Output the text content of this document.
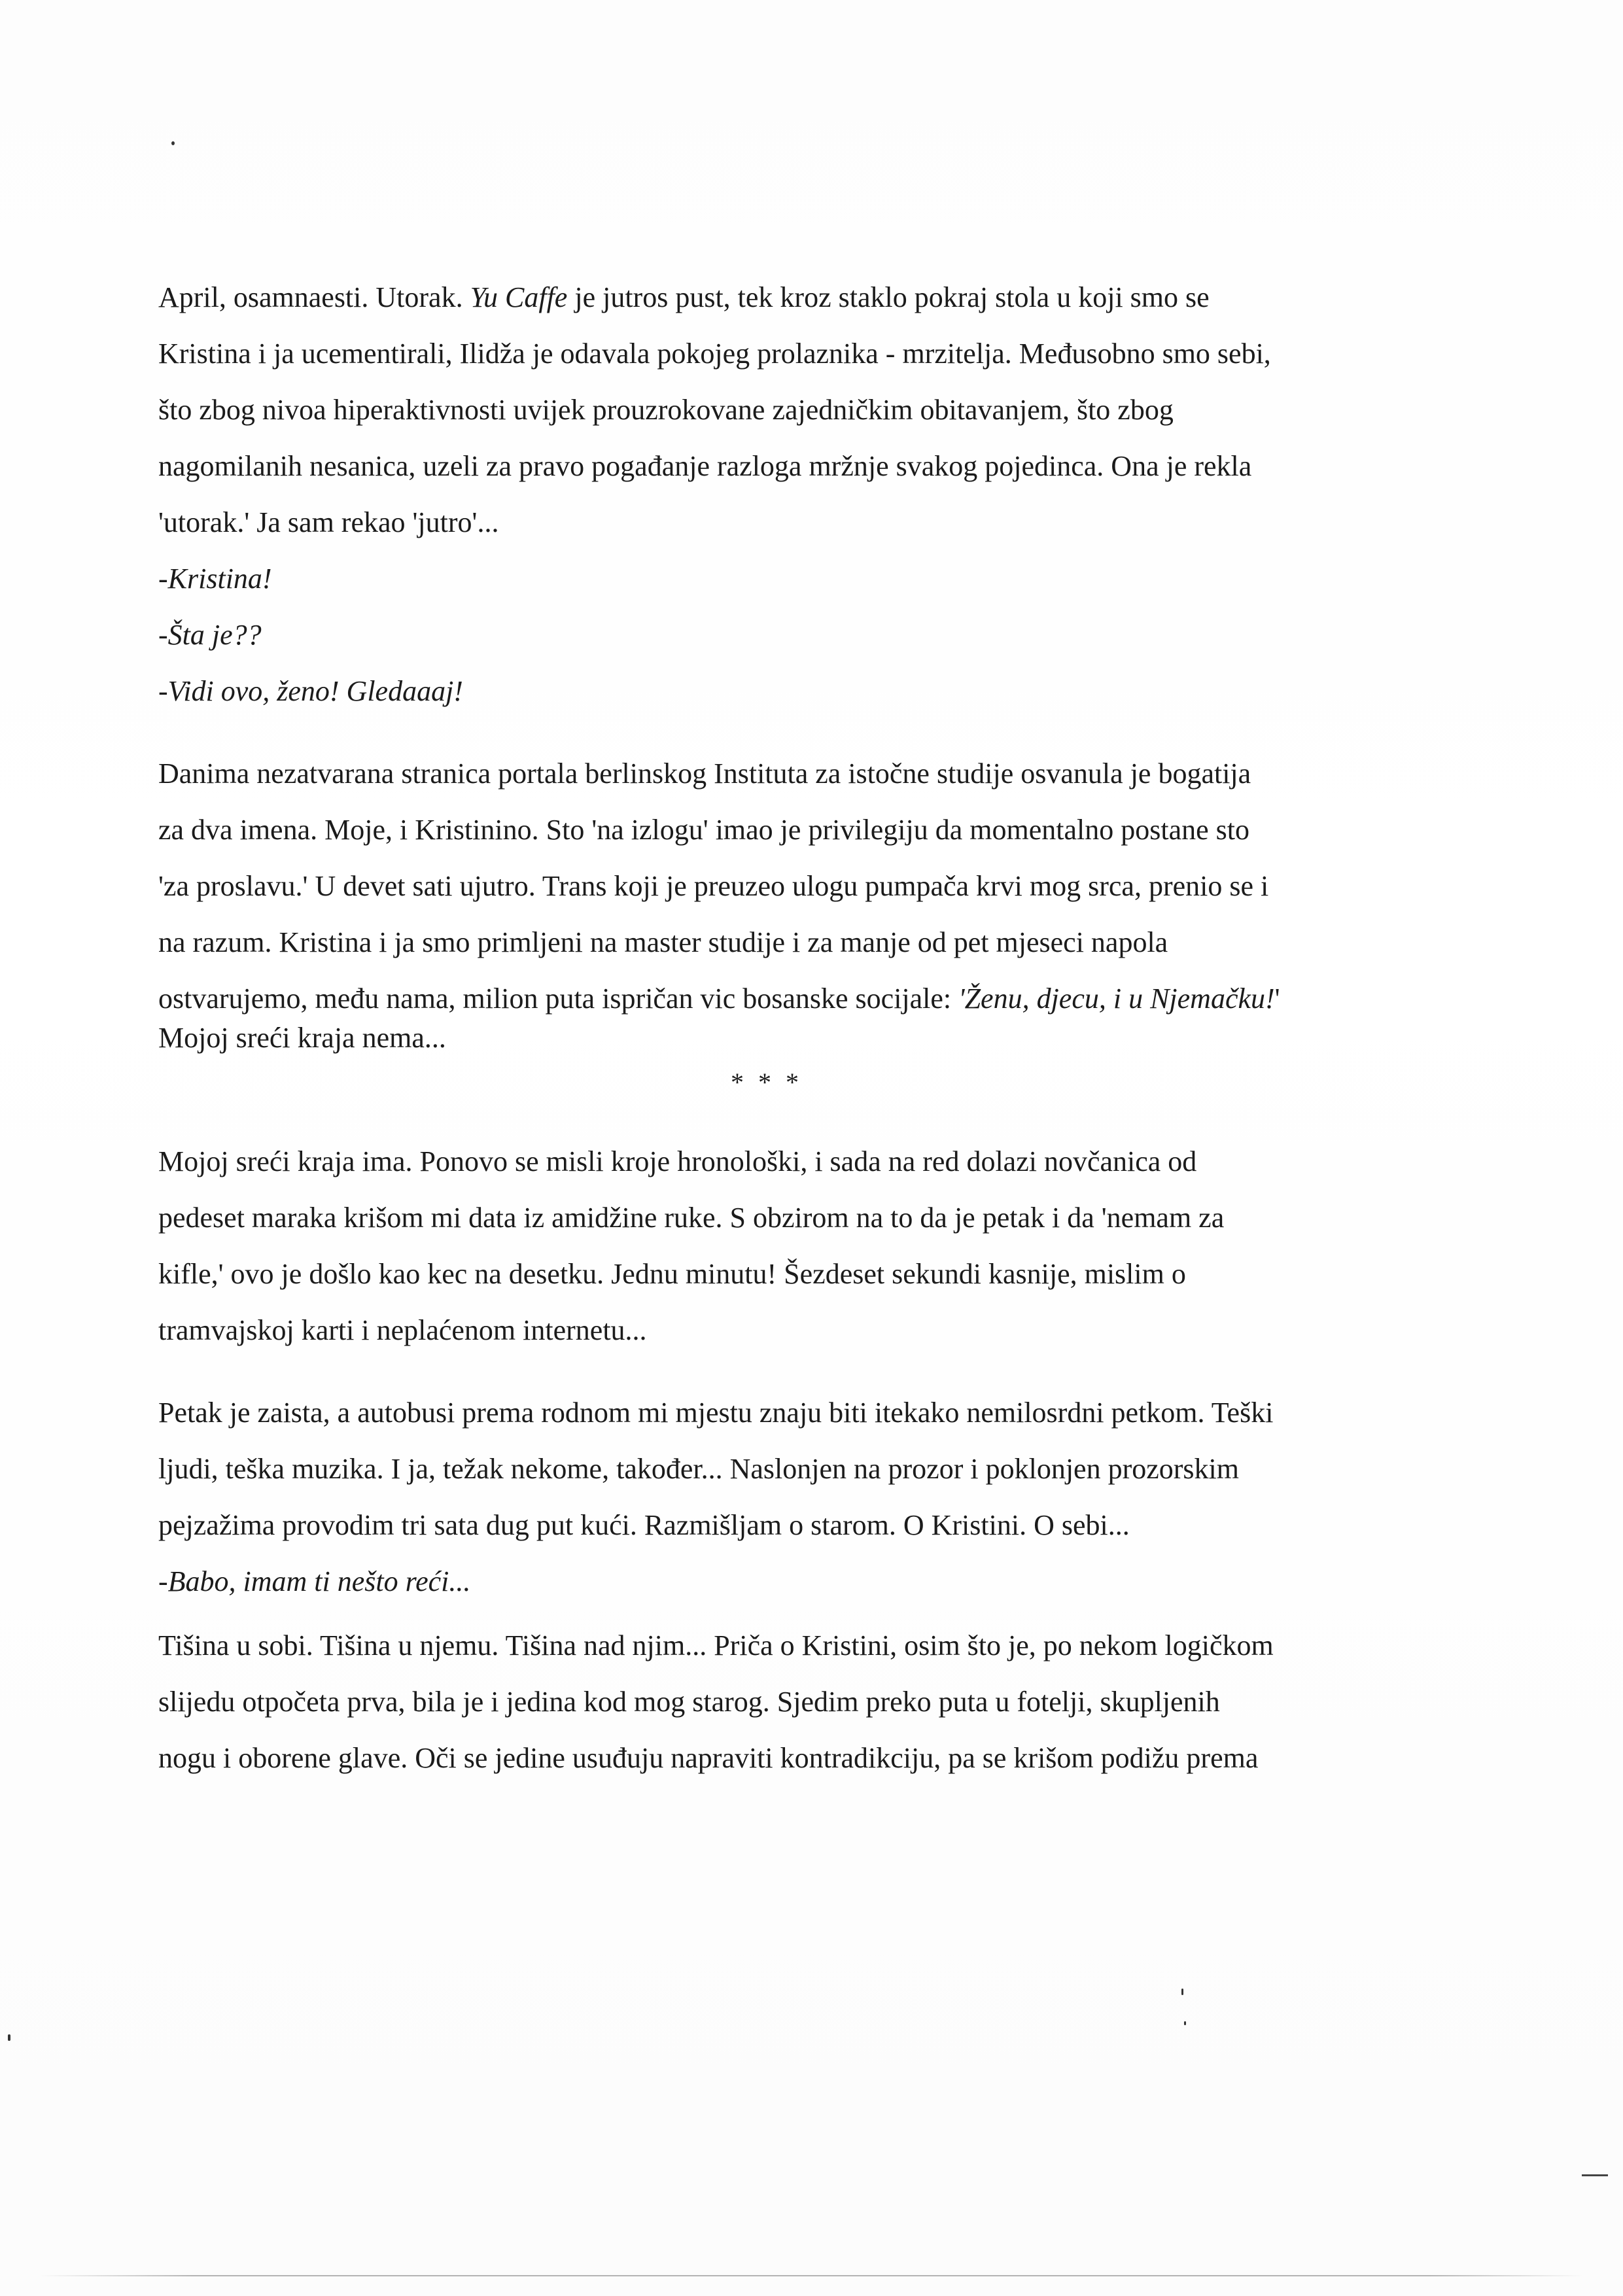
April, osamnaesti. Utorak. Yu Caffe je jutros pust, tek kroz staklo pokraj stola u koji smo se

Kristina i ja ucementirali, Ilidža je odavala pokojeg prolaznika - mrzitelja. Međusobno smo sebi,

što zbog nivoa hiperaktivnosti uvijek prouzrokovane zajedničkim obitavanjem, što zbog

nagomilanih nesanica, uzeli za pravo pogađanje razloga mržnje svakog pojedinca. Ona je rekla

'utorak.' Ja sam rekao 'jutro'...

-Kristina!

-Šta je??

-Vidi ovo, ženo! Gledaaaj!

Danima nezatvarana stranica portala berlinskog Instituta za istočne studije osvanula je bogatija

za dva imena. Moje, i Kristinino. Sto 'na izlogu' imao je privilegiju da momentalno postane sto

'za proslavu.' U devet sati ujutro. Trans koji je preuzeo ulogu pumpača krvi mog srca, prenio se i

na razum. Kristina i ja smo primljeni na master studije i za manje od pet mjeseci napola

ostvarujemo, među nama, milion puta ispričan vic bosanske socijale: 'Ženu, djecu, i u Njemačku!'

Mojoj sreći kraja nema...

* * *

Mojoj sreći kraja ima. Ponovo se misli kroje hronološki, i sada na red dolazi novčanica od

pedeset maraka krišom mi data iz amidžine ruke. S obzirom na to da je petak i da 'nemam za

kifle,' ovo je došlo kao kec na desetku. Jednu minutu! Šezdeset sekundi kasnije, mislim o

tramvajskoj karti i neplaćenom internetu...

Petak je zaista, a autobusi prema rodnom mi mjestu znaju biti itekako nemilosrdni petkom. Teški

ljudi, teška muzika. I ja, težak nekome, također... Naslonjen na prozor i poklonjen prozorskim

pejzažima provodim tri sata dug put kući. Razmišljam o starom. O Kristini. O sebi...

-Babo, imam ti nešto reći...

Tišina u sobi. Tišina u njemu. Tišina nad njim... Priča o Kristini, osim što je, po nekom logičkom

slijedu otpočeta prva, bila je i jedina kod mog starog. Sjedim preko puta u fotelji, skupljenih

nogu i oborene glave. Oči se jedine usuđuju napraviti kontradikciju, pa se krišom podižu prema
